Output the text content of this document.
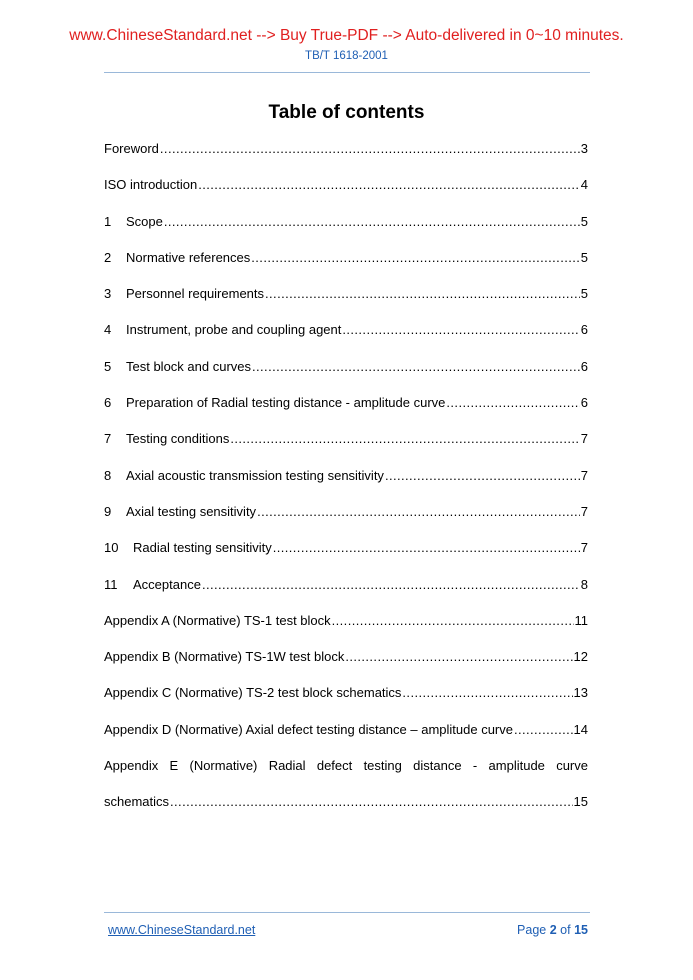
www.ChineseStandard.net --> Buy True-PDF --> Auto-delivered in 0~10 minutes.
TB/T 1618-2001
Table of contents
Foreword .....	3
ISO introduction .....	4
1	Scope .....	5
2	Normative references .....	5
3	Personnel requirements .....	5
4	Instrument, probe and coupling agent .....	6
5	Test block and curves .....	6
6	Preparation of Radial testing distance - amplitude curve .....	6
7	Testing conditions .....	7
8	Axial acoustic transmission testing sensitivity .....	7
9	Axial testing sensitivity .....	7
10	Radial testing sensitivity .....	7
11	Acceptance .....	8
Appendix A (Normative) TS-1 test block .....	11
Appendix B (Normative) TS-1W test block .....	12
Appendix C (Normative) TS-2 test block schematics .....	13
Appendix D (Normative) Axial defect testing distance – amplitude curve .....	14
Appendix E (Normative) Radial defect testing distance - amplitude curve
schematics .....	15
www.ChineseStandard.net	Page 2 of 15
